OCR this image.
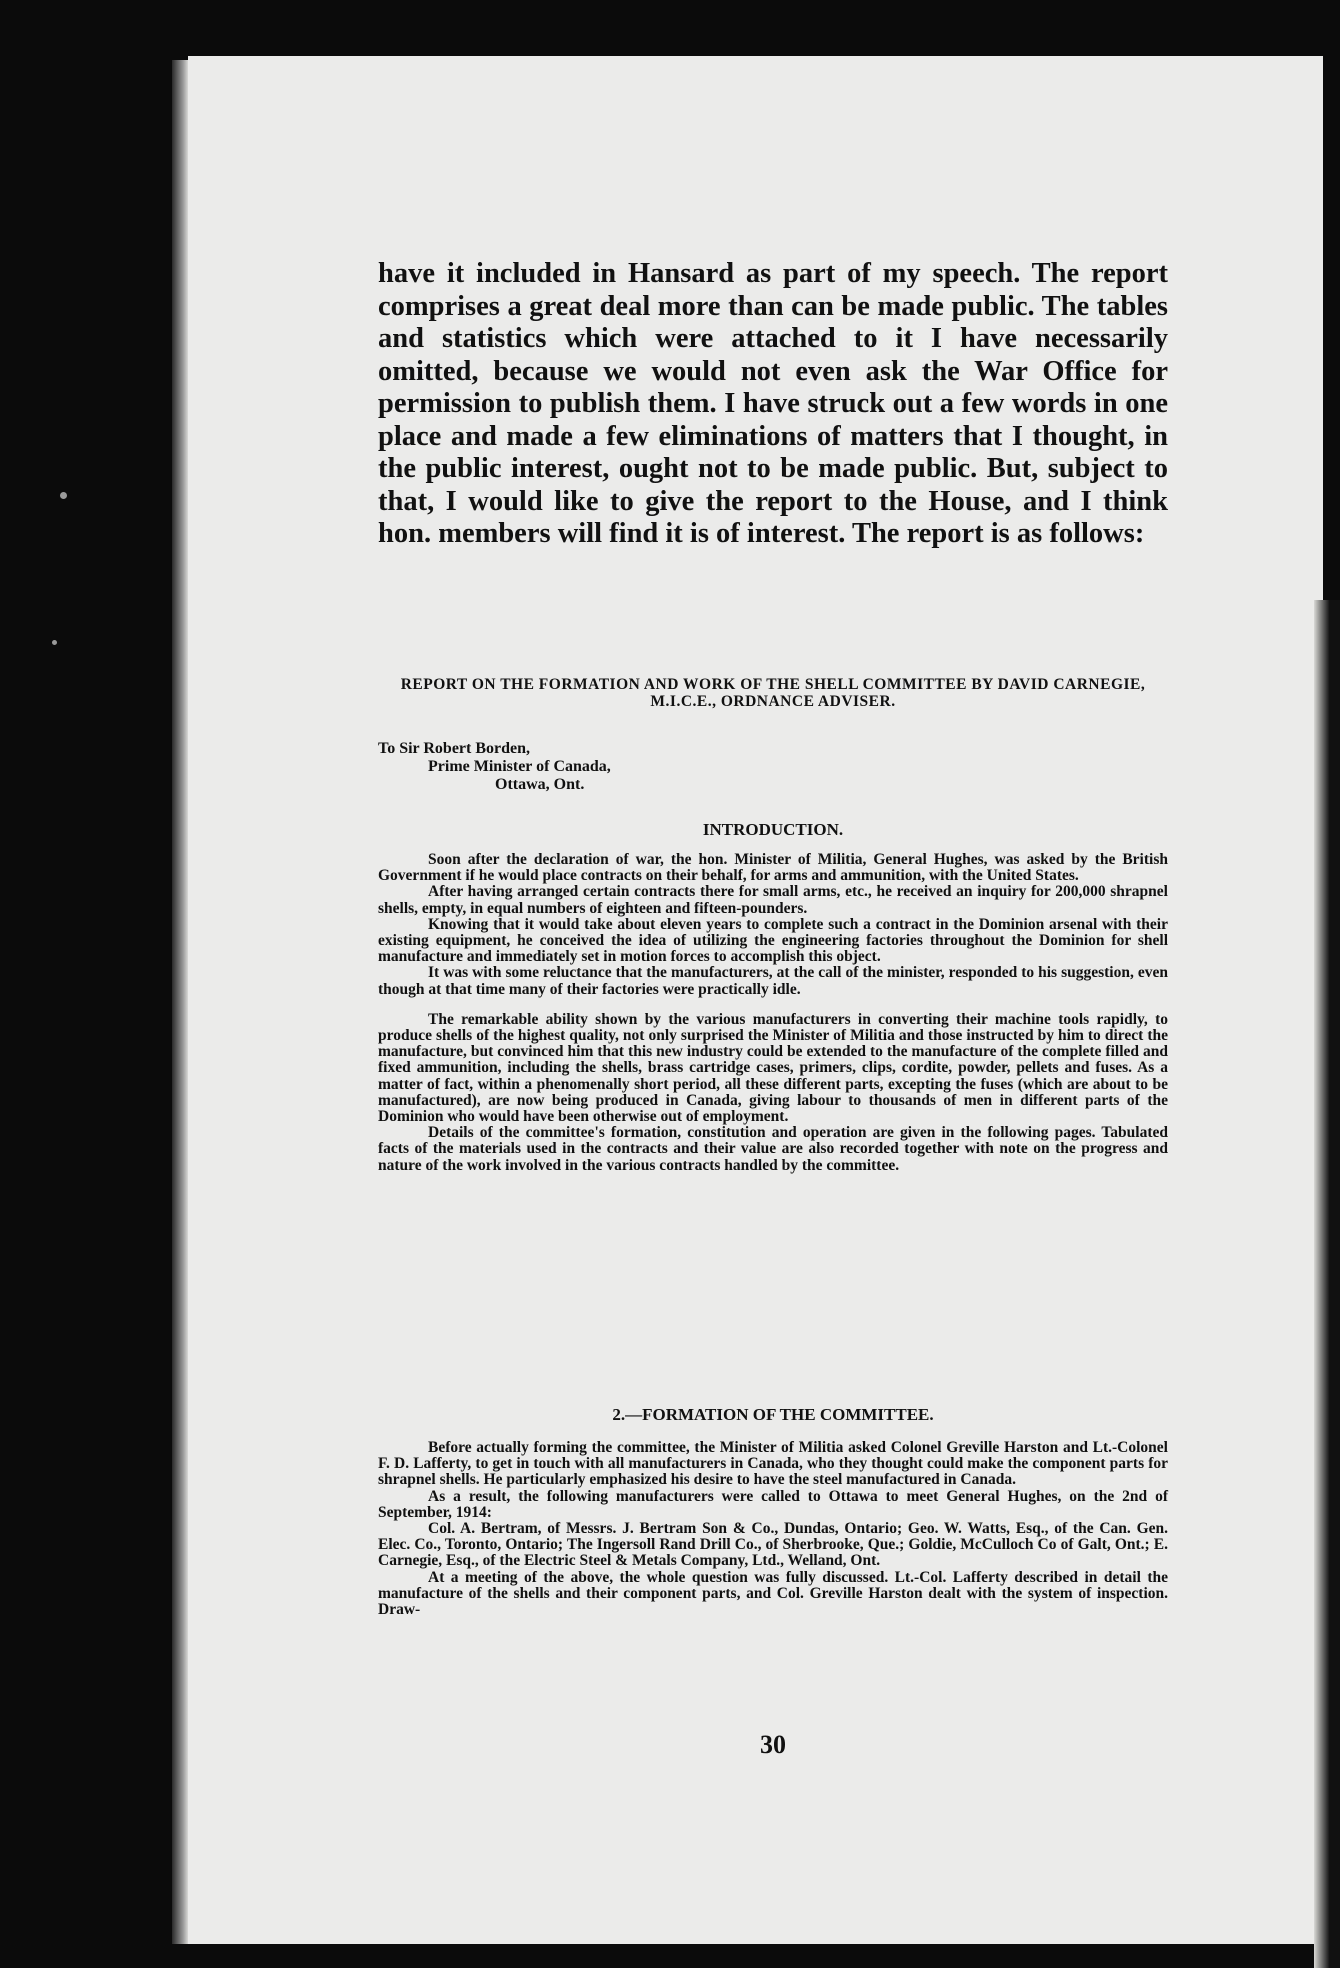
have it included in Hansard as part of my speech. The report comprises a great deal more than can be made public. The tables and statistics which were attached to it I have necessarily omitted, because we would not even ask the War Office for permission to publish them. I have struck out a few words in one place and made a few eliminations of matters that I thought, in the public interest, ought not to be made public. But, subject to that, I would like to give the report to the House, and I think hon. members will find it is of interest. The report is as follows:
REPORT ON THE FORMATION AND WORK OF THE SHELL COMMITTEE BY DAVID CARNEGIE, M.I.C.E., ORDNANCE ADVISER.
To Sir Robert Borden,
Prime Minister of Canada,
Ottawa, Ont.
INTRODUCTION.

Soon after the declaration of war, the hon. Minister of Militia, General Hughes, was asked by the British Government if he would place contracts on their behalf, for arms and ammunition, with the United States.

After having arranged certain contracts there for small arms, etc., he received an inquiry for 200,000 shrapnel shells, empty, in equal numbers of eighteen and fifteen-pounders.

Knowing that it would take about eleven years to complete such a contract in the Dominion arsenal with their existing equipment, he conceived the idea of utilizing the engineering factories throughout the Dominion for shell manufacture and immediately set in motion forces to accomplish this object.

It was with some reluctance that the manufacturers, at the call of the minister, responded to his suggestion, even though at that time many of their factories were practically idle.

The remarkable ability shown by the various manufacturers in converting their machine tools rapidly, to produce shells of the highest quality, not only surprised the Minister of Militia and those instructed by him to direct the manufacture, but convinced him that this new industry could be extended to the manufacture of the complete filled and fixed ammunition, including the shells, brass cartridge cases, primers, clips, cordite, powder, pellets and fuses. As a matter of fact, within a phenomenally short period, all these different parts, excepting the fuses (which are about to be manufactured), are now being produced in Canada, giving labour to thousands of men in different parts of the Dominion who would have been otherwise out of employment.

Details of the committee's formation, constitution and operation are given in the following pages. Tabulated facts of the materials used in the contracts and their value are also recorded together with note on the progress and nature of the work involved in the various contracts handled by the committee.

2.—FORMATION OF THE COMMITTEE.

Before actually forming the committee, the Minister of Militia asked Colonel Greville Harston and Lt.-Colonel F. D. Lafferty, to get in touch with all manufacturers in Canada, who they thought could make the component parts for shrapnel shells. He particularly emphasized his desire to have the steel manufactured in Canada.

As a result, the following manufacturers were called to Ottawa to meet General Hughes, on the 2nd of September, 1914:

Col. A. Bertram, of Messrs. J. Bertram Son & Co., Dundas, Ontario; Geo. W. Watts, Esq., of the Can. Gen. Elec. Co., Toronto, Ontario; The Ingersoll Rand Drill Co., of Sherbrooke, Que.; Goldie, McCulloch Co of Galt, Ont.; E. Carnegie, Esq., of the Electric Steel & Metals Company, Ltd., Welland, Ont.

At a meeting of the above, the whole question was fully discussed. Lt.-Col. Lafferty described in detail the manufacture of the shells and their component parts, and Col. Greville Harston dealt with the system of inspection. Draw-

30
